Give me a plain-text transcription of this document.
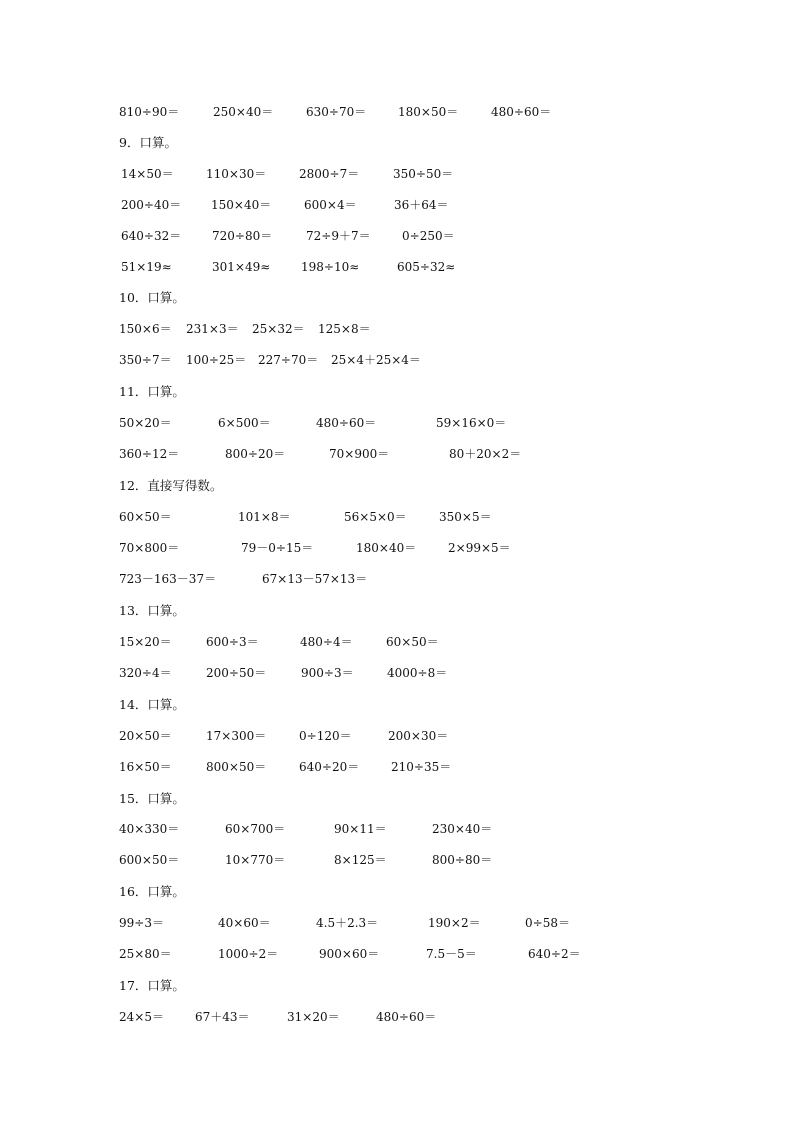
810÷90＝	250×40＝	630÷70＝	180×50＝	480÷60＝
9．口算。
14×50＝	110×30＝	2800÷7＝	350÷50＝
200÷40＝ 150×40＝	600×4＝	36＋64＝
640÷32＝	720÷80＝	72÷9＋7＝	0÷250＝
51×19≈	301×49≈	198÷10≈	605÷32≈
10．口算。
150×6＝ 231×3＝ 25×32＝ 125×8＝
350÷7＝ 100÷25＝ 227÷70＝ 25×4＋25×4＝
11．口算。
50×20＝	6×500＝	480÷60＝	59×16×0＝
360÷12＝	800÷20＝	70×900＝	80＋20×2＝
12．直接写得数。
60×50＝	101×8＝	56×5×0＝	350×5＝
70×800＝	79－0÷15＝	180×40＝	2×99×5＝
723－163－37＝	67×13－57×13＝
13．口算。
15×20＝	600÷3＝	480÷4＝	60×50＝
320÷4＝	200÷50＝	900÷3＝	4000÷8＝
14．口算。
20×50＝	17×300＝	0÷120＝	200×30＝
16×50＝	800×50＝	640÷20＝	210÷35＝
15．口算。
40×330＝	60×700＝	90×11＝	230×40＝
600×50＝	10×770＝	8×125＝	800÷80＝
16．口算。
99÷3＝	40×60＝	4.5＋2.3＝	190×2＝	0÷58＝
25×80＝	1000÷2＝	900×60＝	7.5－5＝	640÷2＝
17．口算。
24×5＝	67＋43＝	31×20＝	480÷60＝
